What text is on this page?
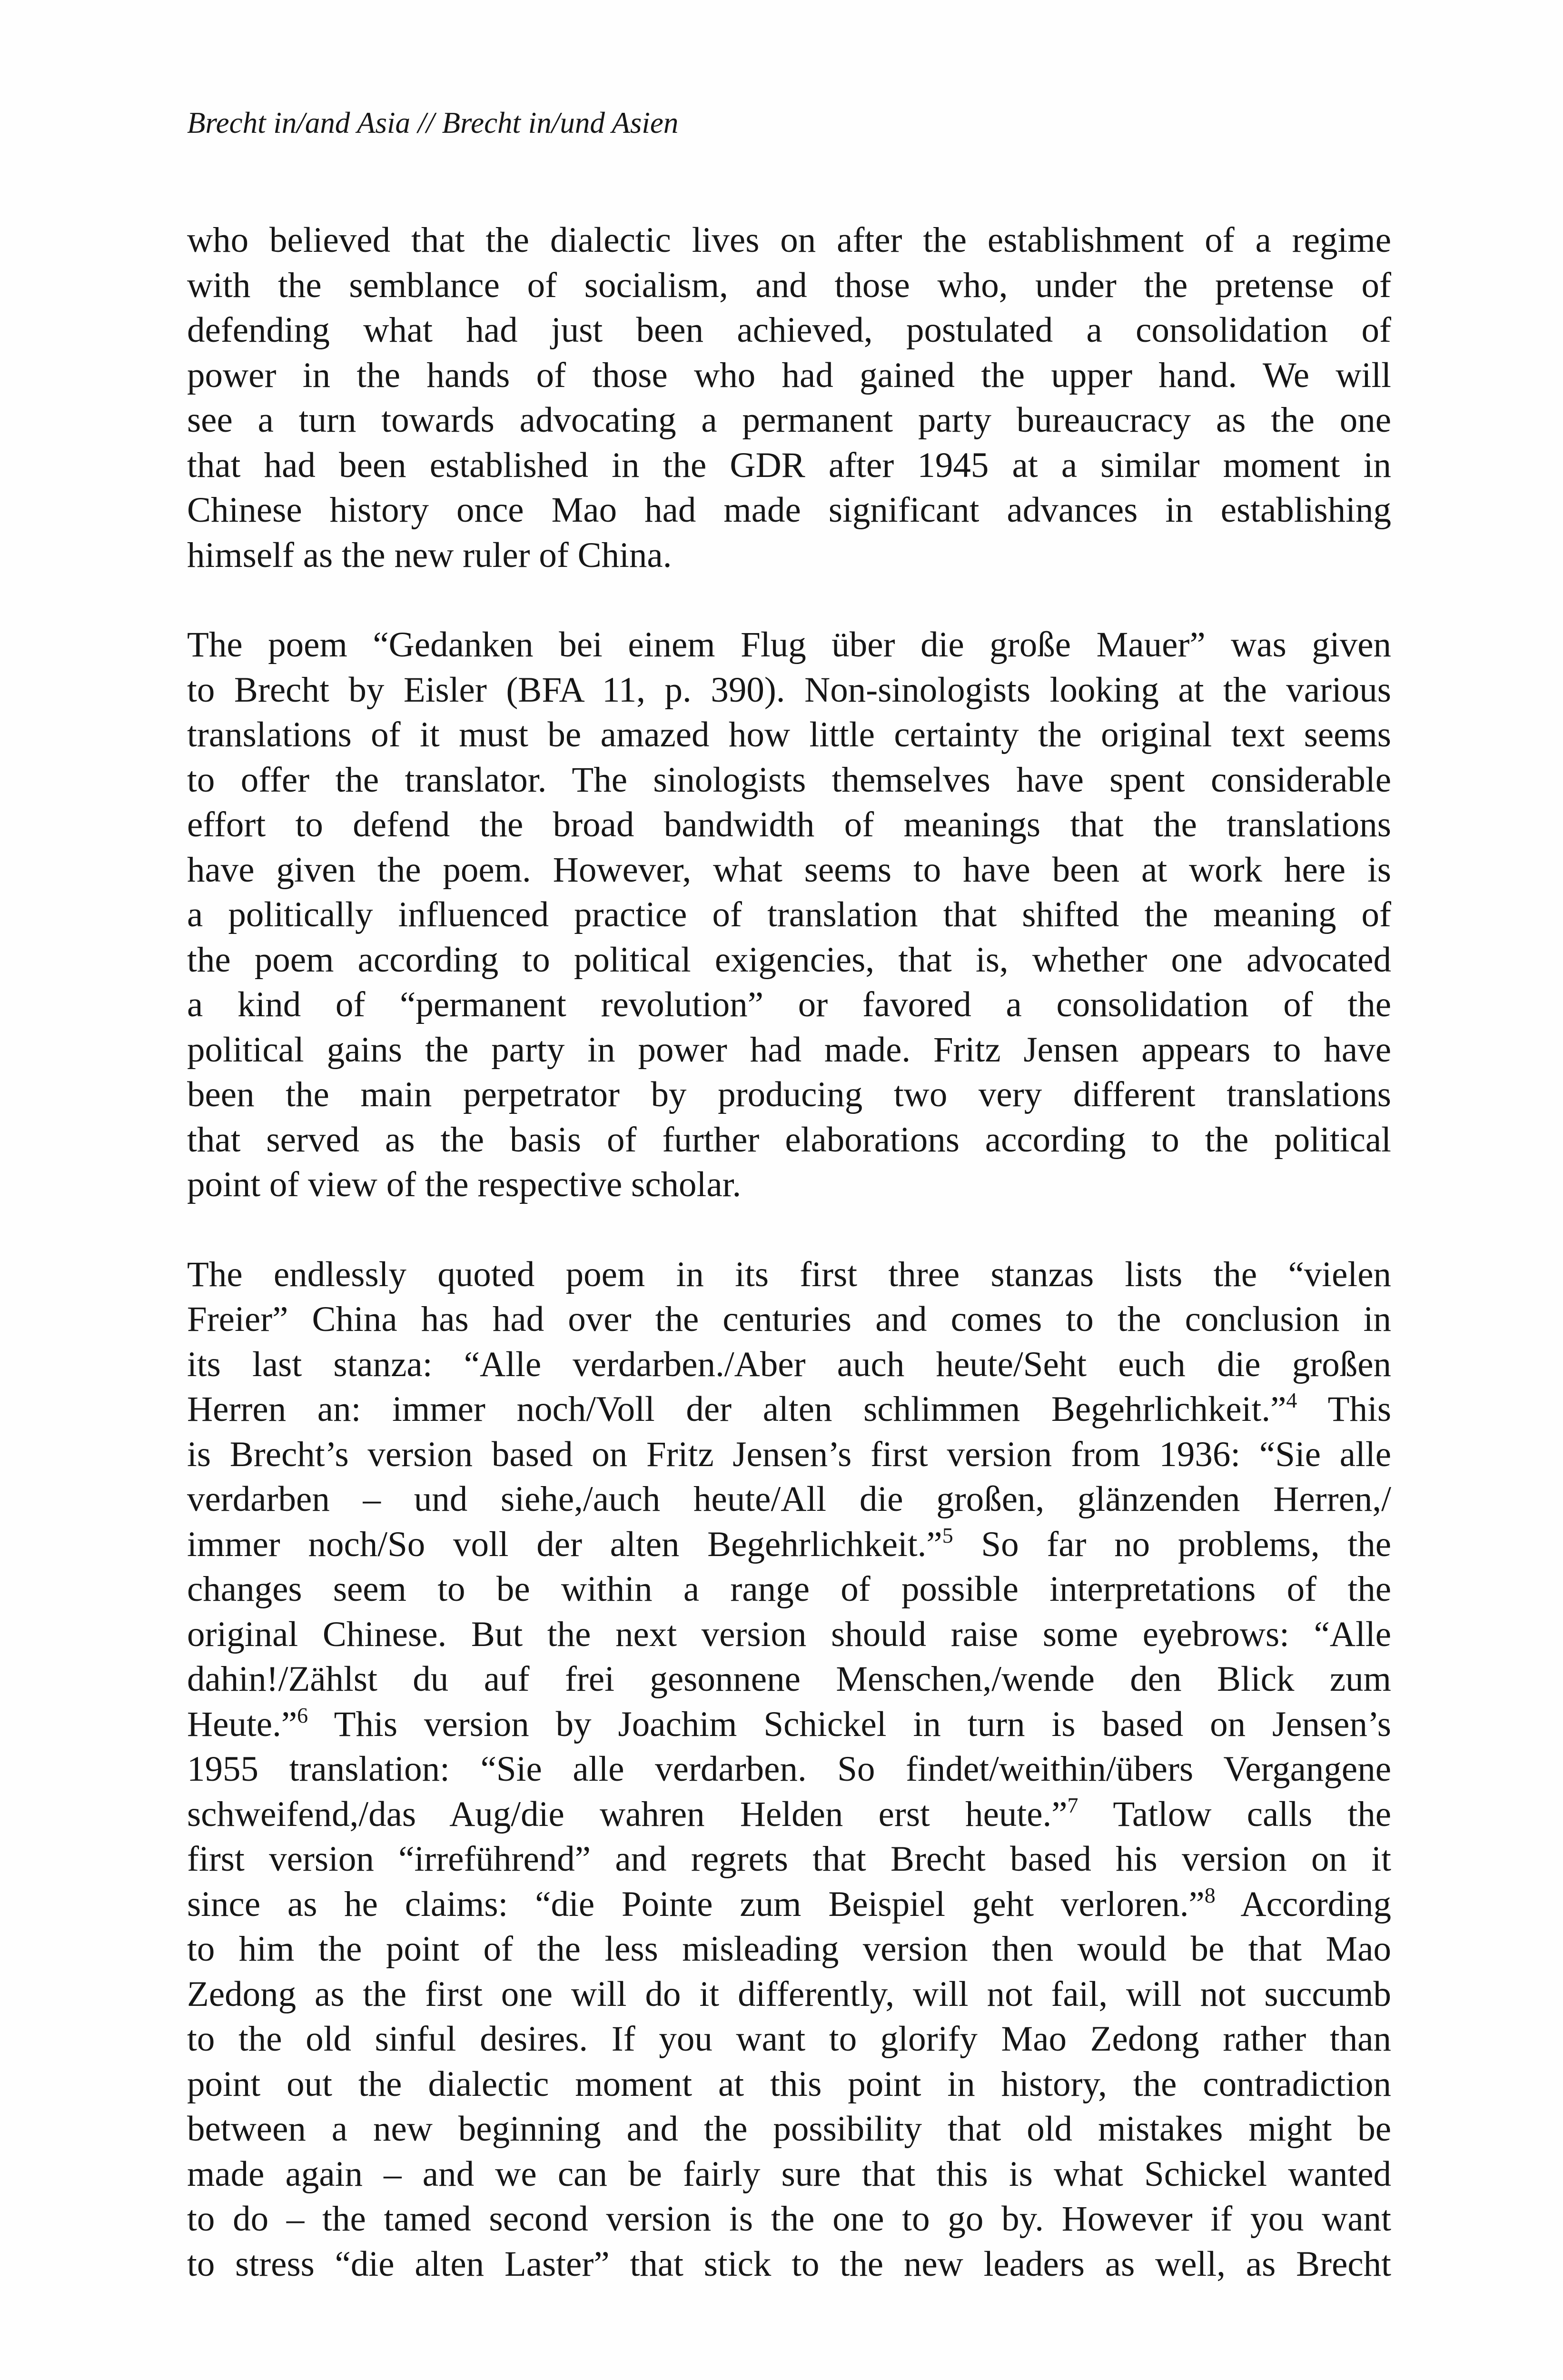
Brecht in/and Asia // Brecht in/und Asien

who believed that the dialectic lives on after the establishment of a regime
with the semblance of socialism, and those who, under the pretense of
defending what had just been achieved, postulated a consolidation of
power in the hands of those who had gained the upper hand. We will
see a turn towards advocating a permanent party bureaucracy as the one
that had been established in the GDR after 1945 at a similar moment in
Chinese history once Mao had made significant advances in establishing
himself as the new ruler of China.

The poem “Gedanken bei einem Flug über die große Mauer” was given
to Brecht by Eisler (BFA 11, p. 390). Non-sinologists looking at the various
translations of it must be amazed how little certainty the original text seems
to offer the translator. The sinologists themselves have spent considerable
effort to defend the broad bandwidth of meanings that the translations
have given the poem. However, what seems to have been at work here is
a politically influenced practice of translation that shifted the meaning of
the poem according to political exigencies, that is, whether one advocated
a kind of “permanent revolution” or favored a consolidation of the
political gains the party in power had made. Fritz Jensen appears to have
been the main perpetrator by producing two very different translations
that served as the basis of further elaborations according to the political
point of view of the respective scholar.

The endlessly quoted poem in its first three stanzas lists the “vielen
Freier” China has had over the centuries and comes to the conclusion in
its last stanza: “Alle verdarben./Aber auch heute/Seht euch die großen
Herren an: immer noch/Voll der alten schlimmen Begehrlichkeit.”$^4$ This
is Brecht’s version based on Fritz Jensen’s first version from 1936: “Sie alle
verdarben – und siehe,/auch heute/All die großen, glänzenden Herren,/
immer noch/So voll der alten Begehrlichkeit.”$^5$ So far no problems, the
changes seem to be within a range of possible interpretations of the
original Chinese. But the next version should raise some eyebrows: “Alle
dahin!/Zählst du auf frei gesonnene Menschen,/wende den Blick zum
Heute.”$^6$ This version by Joachim Schickel in turn is based on Jensen’s
1955 translation: “Sie alle verdarben. So findet/weithin/übers Vergangene
schweifend,/das Aug/die wahren Helden erst heute.”$^7$ Tatlow calls the
first version “irreführend” and regrets that Brecht based his version on it
since as he claims: “die Pointe zum Beispiel geht verloren.”$^8$ According
to him the point of the less misleading version then would be that Mao
Zedong as the first one will do it differently, will not fail, will not succumb
to the old sinful desires. If you want to glorify Mao Zedong rather than
point out the dialectic moment at this point in history, the contradiction
between a new beginning and the possibility that old mistakes might be
made again – and we can be fairly sure that this is what Schickel wanted
to do – the tamed second version is the one to go by. However if you want
to stress “die alten Laster” that stick to the new leaders as well, as Brecht
